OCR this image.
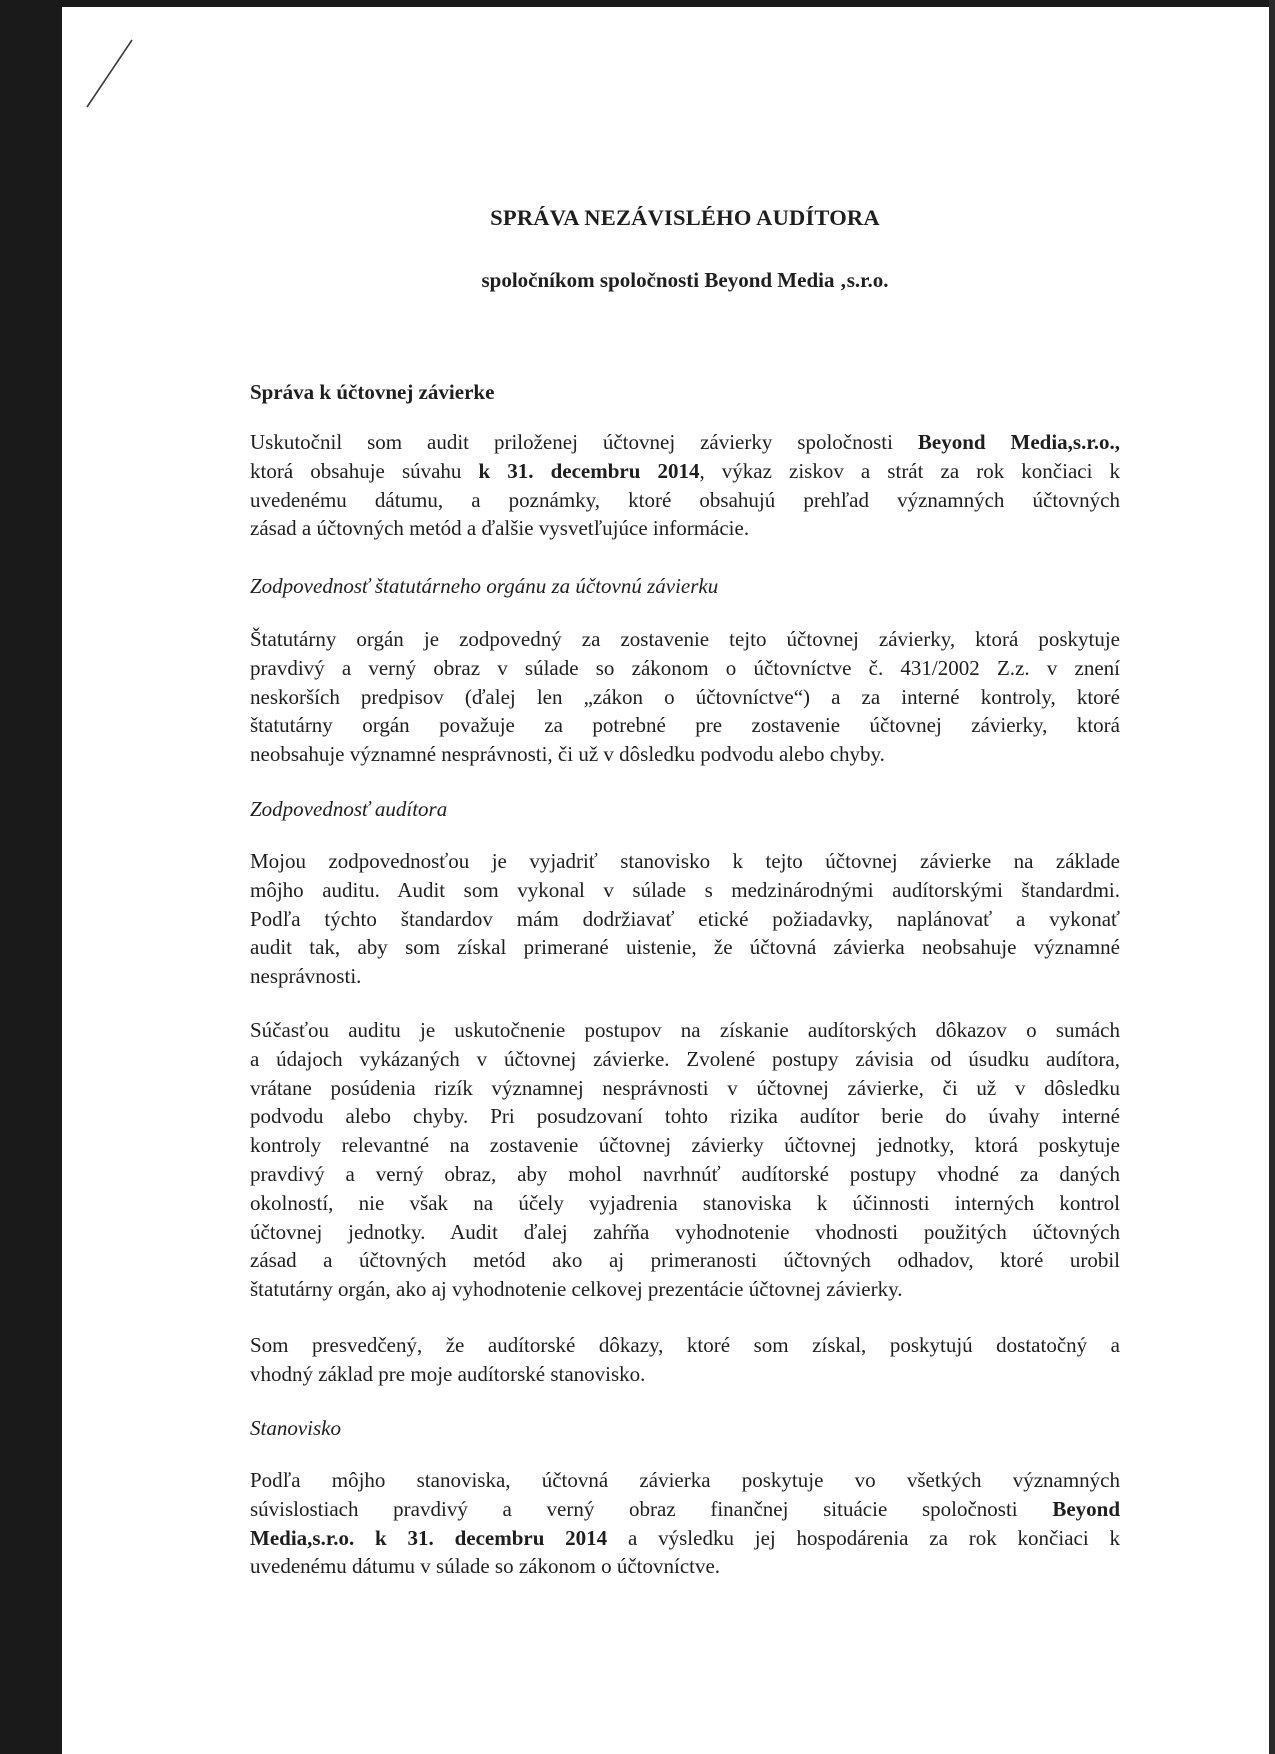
SPRÁVA NEZÁVISLÉHO AUDÍTORA
spoločníkom spoločnosti Beyond Media ‚s.r.o.
Správa k účtovnej závierke
Uskutočnil som audit priloženej účtovnej závierky spoločnosti Beyond Media,s.r.o.,
ktorá obsahuje súvahu k 31. decembru 2014, výkaz ziskov a strát za rok končiaci k
uvedenému dátumu, a poznámky, ktoré obsahujú prehľad významných účtovných
zásad a účtovných metód a ďalšie vysvetľujúce informácie.

Zodpovednosť štatutárneho orgánu za účtovnú závierku

Štatutárny orgán je zodpovedný za zostavenie tejto účtovnej závierky, ktorá poskytuje
pravdivý a verný obraz v súlade so zákonom o účtovníctve č. 431/2002 Z.z. v znení
neskorších predpisov (ďalej len „zákon o účtovníctve“) a za interné kontroly, ktoré
štatutárny orgán považuje za potrebné pre zostavenie účtovnej závierky, ktorá
neobsahuje významné nesprávnosti, či už v dôsledku podvodu alebo chyby.

Zodpovednosť audítora

Mojou zodpovednosťou je vyjadriť stanovisko k tejto účtovnej závierke na základe
môjho auditu. Audit som vykonal v súlade s medzinárodnými audítorskými štandardmi.
Podľa týchto štandardov mám dodržiavať etické požiadavky, naplánovať a vykonať
audit tak, aby som získal primerané uistenie, že účtovná závierka neobsahuje významné
nesprávnosti.
Súčasťou auditu je uskutočnenie postupov na získanie audítorských dôkazov o sumách
a údajoch vykázaných v účtovnej závierke. Zvolené postupy závisia od úsudku audítora,
vrátane posúdenia rizík významnej nesprávnosti v účtovnej závierke, či už v dôsledku
podvodu alebo chyby. Pri posudzovaní tohto rizika audítor berie do úvahy interné
kontroly relevantné na zostavenie účtovnej závierky účtovnej jednotky, ktorá poskytuje
pravdivý a verný obraz, aby mohol navrhnúť audítorské postupy vhodné za daných
okolností, nie však na účely vyjadrenia stanoviska k účinnosti interných kontrol
účtovnej jednotky. Audit ďalej zahŕňa vyhodnotenie vhodnosti použitých účtovných
zásad a účtovných metód ako aj primeranosti účtovných odhadov, ktoré urobil
štatutárny orgán, ako aj vyhodnotenie celkovej prezentácie účtovnej závierky.
Som presvedčený, že audítorské dôkazy, ktoré som získal, poskytujú dostatočný a
vhodný základ pre moje audítorské stanovisko.

Stanovisko

Podľa môjho stanoviska, účtovná závierka poskytuje vo všetkých významných
súvislostiach pravdivý a verný obraz finančnej situácie spoločnosti Beyond
Media,s.r.o. k 31. decembru 2014 a výsledku jej hospodárenia za rok končiaci k
uvedenému dátumu v súlade so zákonom o účtovníctve.
